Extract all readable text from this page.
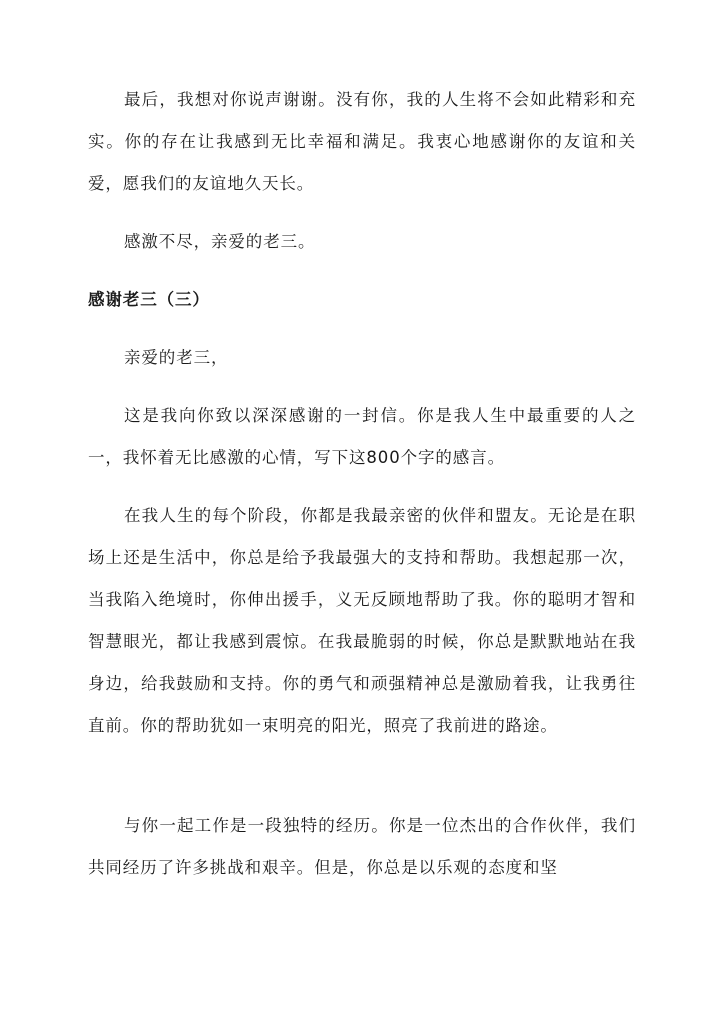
最后，我想对你说声谢谢。没有你，我的人生将不会如此精彩和充实。你的存在让我感到无比幸福和满足。我衷心地感谢你的友谊和关爱，愿我们的友谊地久天长。

感激不尽，亲爱的老三。

感谢老三（三）

亲爱的老三，

这是我向你致以深深感谢的一封信。你是我人生中最重要的人之一，我怀着无比感激的心情，写下这800个字的感言。

在我人生的每个阶段，你都是我最亲密的伙伴和盟友。无论是在职场上还是生活中，你总是给予我最强大的支持和帮助。我想起那一次，当我陷入绝境时，你伸出援手，义无反顾地帮助了我。你的聪明才智和智慧眼光，都让我感到震惊。在我最脆弱的时候，你总是默默地站在我身边，给我鼓励和支持。你的勇气和顽强精神总是激励着我，让我勇往直前。你的帮助犹如一束明亮的阳光，照亮了我前进的路途。

与你一起工作是一段独特的经历。你是一位杰出的合作伙伴，我们共同经历了许多挑战和艰辛。但是，你总是以乐观的态度和坚
